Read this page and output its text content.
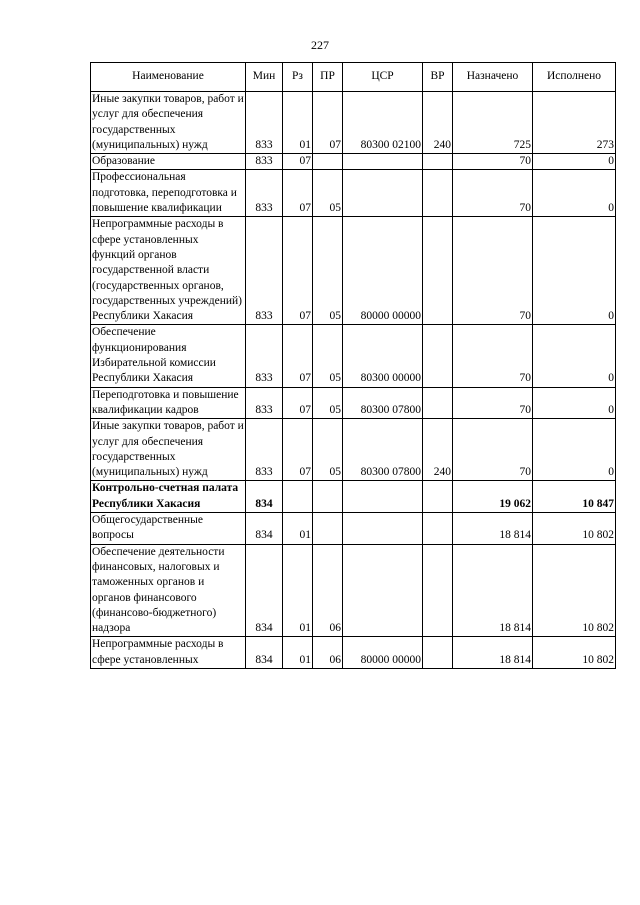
227
Наименование	Мин	Рз	ПР	ЦСР	ВР	Назначено	Исполнено
Иные закупки товаров, работ и услуг для обеспечения государственных (муниципальных) нужд	833	01	07	80300 02100	240	725	273
Образование	833	07				70	0
Профессиональная подготовка, переподготовка и повышение квалификации	833	07	05			70	0
Непрограммные расходы в сфере установленных функций органов государственной власти (государственных органов, государственных учреждений) Республики Хакасия	833	07	05	80000 00000		70	0
Обеспечение функционирования Избирательной комиссии Республики Хакасия	833	07	05	80300 00000		70	0
Переподготовка и повышение квалификации кадров	833	07	05	80300 07800		70	0
Иные закупки товаров, работ и услуг для обеспечения государственных (муниципальных) нужд	833	07	05	80300 07800	240	70	0
Контрольно-счетная палата Республики Хакасия	834					19 062	10 847
Общегосударственные вопросы	834	01				18 814	10 802
Обеспечение деятельности финансовых, налоговых и таможенных органов и органов финансового (финансово-бюджетного) надзора	834	01	06			18 814	10 802
Непрограммные расходы в сфере установленных	834	01	06	80000 00000		18 814	10 802
